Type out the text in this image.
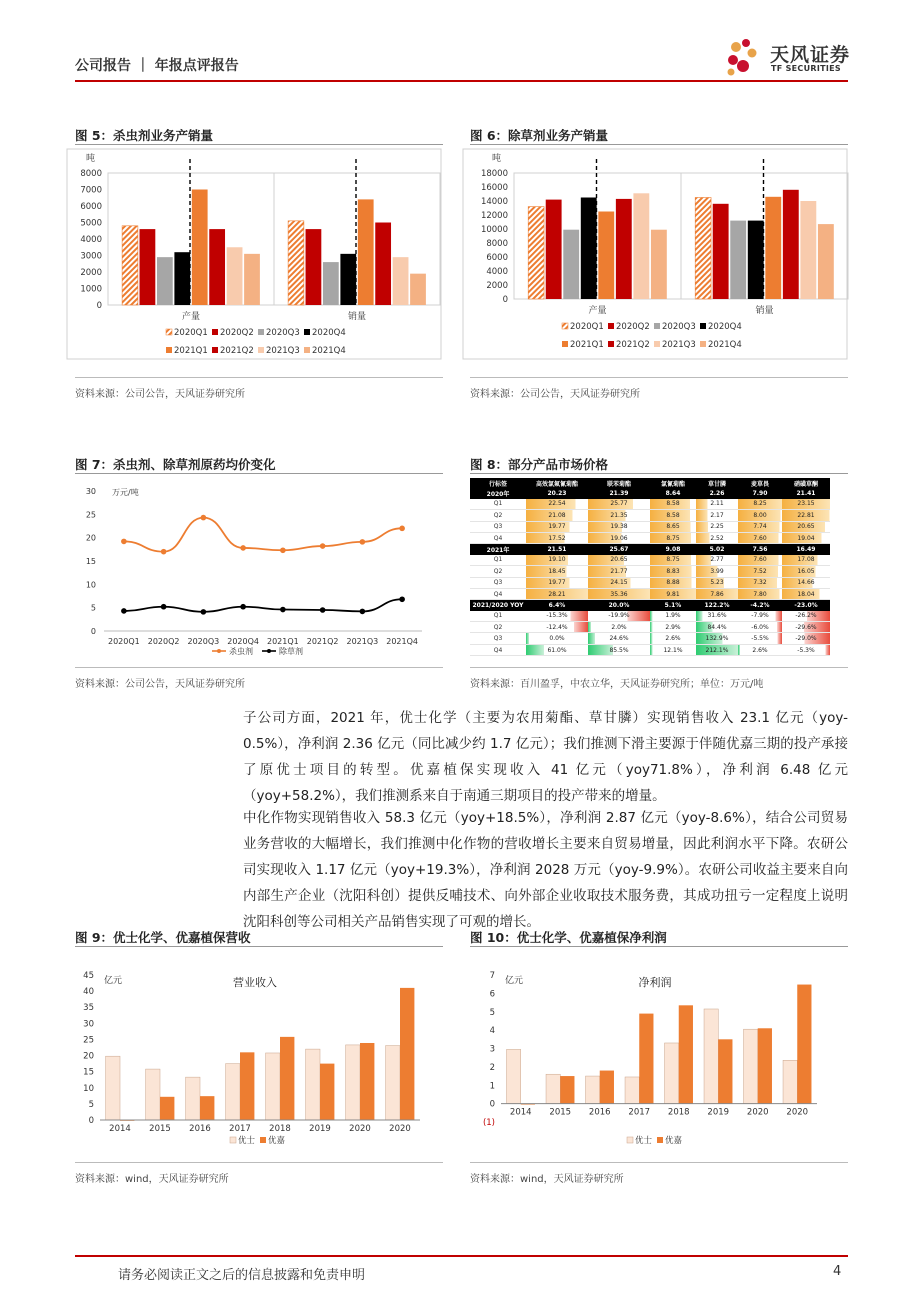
公司报告 ｜ 年报点评报告	天风证券
TF SECURITIES
图 5：杀虫剂业务产销量
吨
0
1000
2000
3000
4000
5000
6000
7000
8000
产量	销量
2020Q1 2020Q2 2020Q3 2020Q4
2021Q1 2021Q2 2021Q3 2021Q4
资料来源：公司公告，天风证券研究所
图 6：除草剂业务产销量
吨
0
2000
4000
6000
8000
10000
12000
14000
16000
18000
产量	销量
2020Q1 2020Q2 2020Q3 2020Q4
2021Q1 2021Q2 2021Q3 2021Q4
资料来源：公司公告，天风证券研究所
图 7：杀虫剂、除草剂原药均价变化
万元/吨
0
5
10
15
20
25
30
2020Q1 2020Q2 2020Q3 2020Q4 2021Q1 2021Q2 2021Q3 2021Q4
杀虫剂	除草剂
资料来源：公司公告，天风证券研究所
图 8：部分产品市场价格
行标签	高效氯氟氰菊酯	联苯菊酯	氯氰菊酯	草甘膦	麦草畏	硝磺草酮
2020年	20.23	21.39	8.64	2.26	7.90	21.41
Q1	22.54	25.77	8.58	2.11	8.25	23.15
Q2	21.08	21.35	8.58	2.17	8.00	22.81
Q3	19.77	19.38	8.65	2.25	7.74	20.65
Q4	17.52	19.06	8.75	2.52	7.60	19.04
2021年	21.51	25.67	9.08	5.02	7.56	16.49
Q1	19.10	20.65	8.75	2.77	7.60	17.08
Q2	18.45	21.77	8.83	3.99	7.52	16.05
Q3	19.77	24.15	8.88	5.23	7.32	14.66
Q4	28.21	35.36	9.81	7.86	7.80	18.04
2021/2020 YOY	6.4%	20.0%	5.1%	122.2%	-4.2%	-23.0%
Q1	-15.3%	-19.9%	1.9%	31.6%	-7.9%	-26.2%
Q2	-12.4%	2.0%	2.9%	84.4%	-6.0%	-29.6%
Q3	0.0%	24.6%	2.6%	132.9%	-5.5%	-29.0%
Q4	61.0%	85.5%	12.1%	212.1%	2.6%	-5.3%
资料来源：百川盈孚，中农立华，天风证券研究所；单位：万元/吨
子公司方面，2021 年，优士化学（主要为农用菊酯、草甘膦）实现销售收入 23.1 亿元（yoy-0.5%），净利润 2.36 亿元（同比减少约 1.7 亿元）；我们推测下滑主要源于伴随优嘉三期的投产承接了原优士项目的转型。优嘉植保实现收入 41 亿元（yoy71.8%），净利润 6.48 亿元（yoy+58.2%），我们推测系来自于南通三期项目的投产带来的增量。
中化作物实现销售收入 58.3 亿元（yoy+18.5%），净利润 2.87 亿元（yoy-8.6%），结合公司贸易业务营收的大幅增长，我们推测中化作物的营收增长主要来自贸易增量，因此利润水平下降。农研公司实现收入 1.17 亿元（yoy+19.3%），净利润 2028 万元（yoy-9.9%）。农研公司收益主要来自向内部生产企业（沈阳科创）提供反哺技术、向外部企业收取技术服务费，其成功扭亏一定程度上说明沈阳科创等公司相关产品销售实现了可观的增长。
图 9：优士化学、优嘉植保营收
亿元	营业收入
0
5
10
15
20
25
30
35
40
45
2014 2015 2016 2017 2018 2019 2020 2020
优士 优嘉
资料来源：wind，天风证券研究所
图 10：优士化学、优嘉植保净利润
亿元	净利润
(1)
0
1
2
3
4
5
6
7
2014 2015 2016 2017 2018 2019 2020 2020
优士 优嘉
资料来源：wind，天风证券研究所
请务必阅读正文之后的信息披露和免责申明	4
